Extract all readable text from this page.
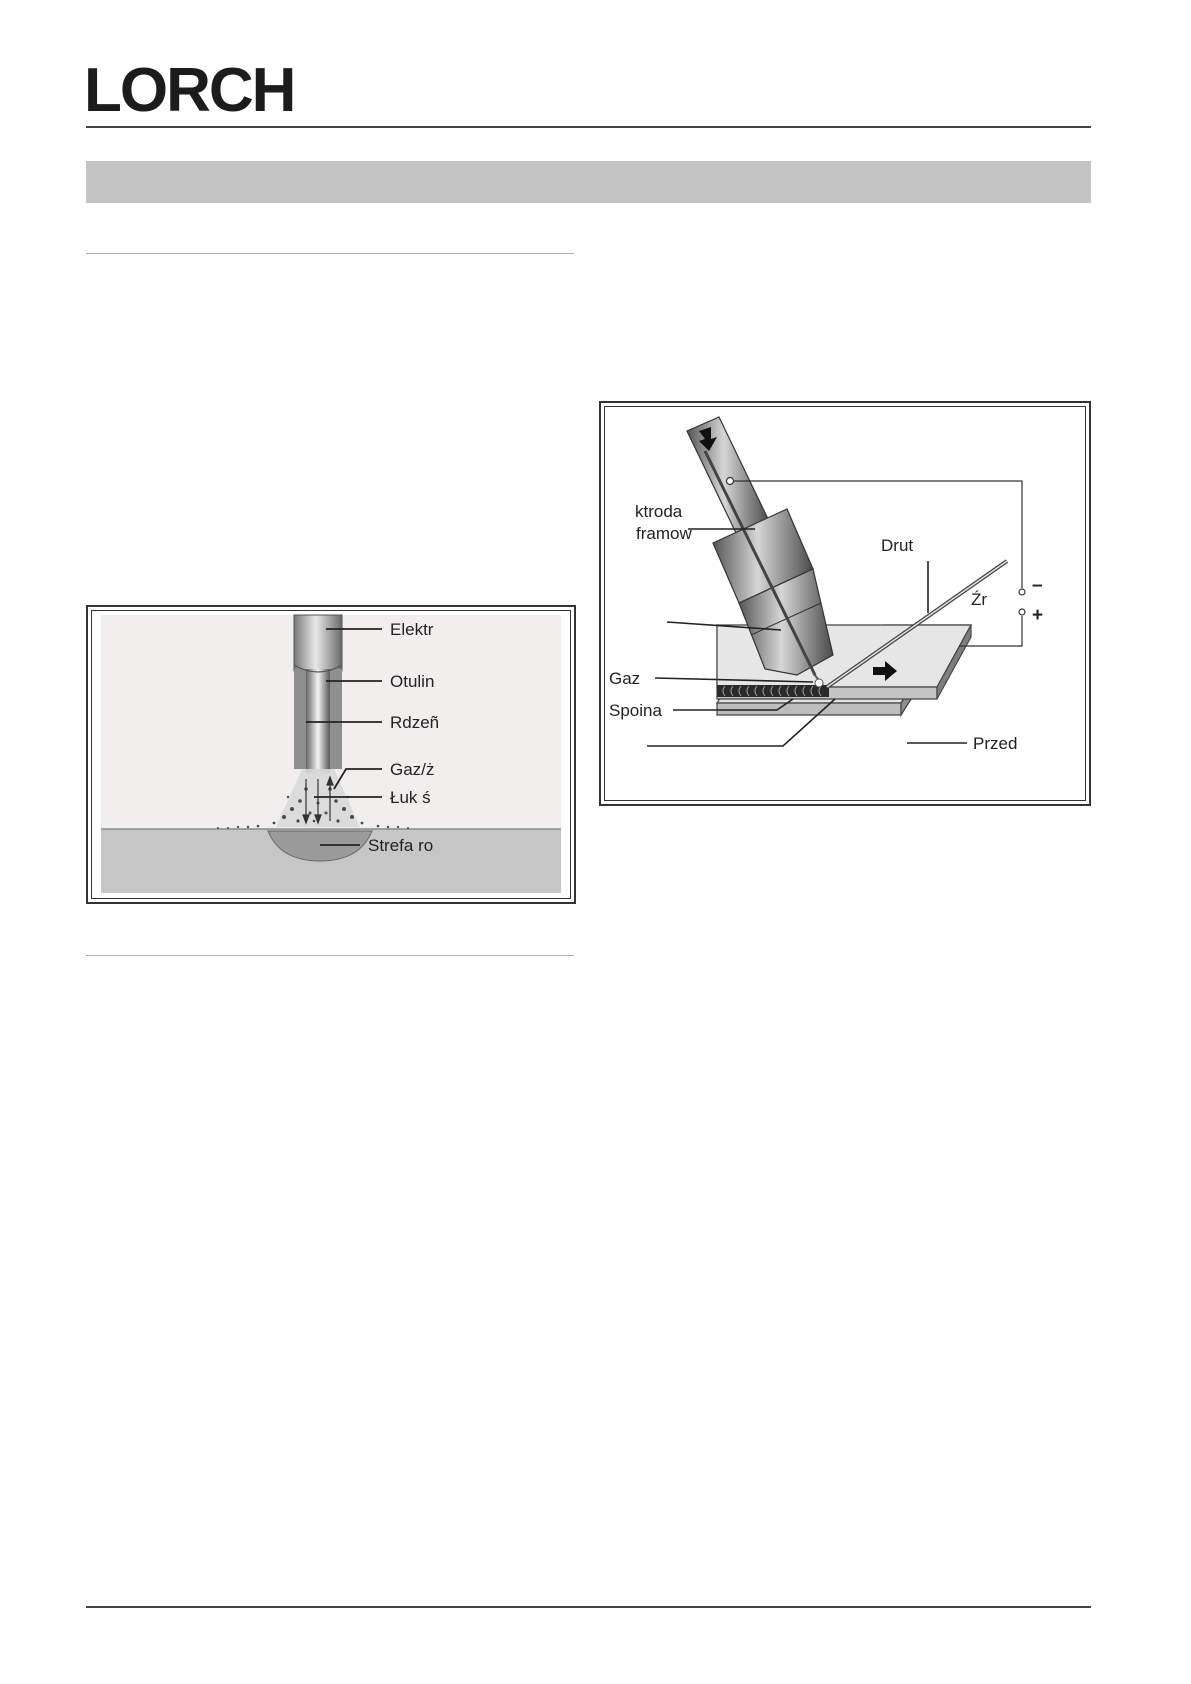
LORCH
Elektr
Otulin
Rdzeñ
Gaz/ż
Łuk ś
Strefa ro
ktroda
framow
Drut
Źr
–
+
Gaz
Spoina
Przed
